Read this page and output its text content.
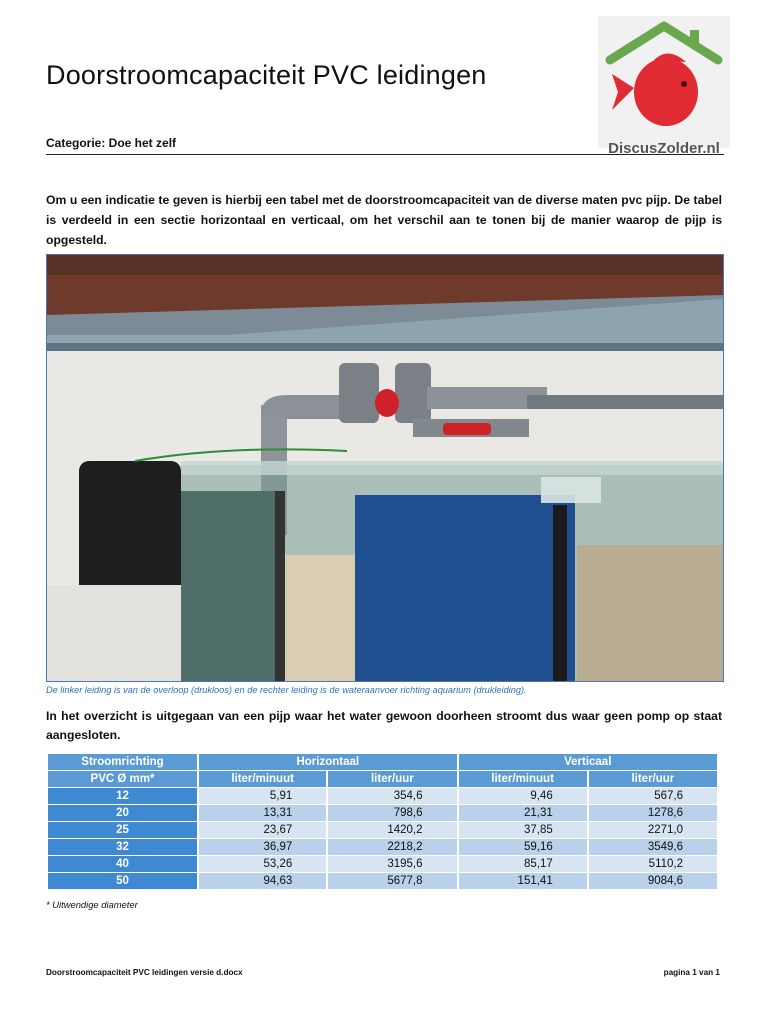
Doorstroomcapaciteit PVC leidingen
DiscusZolder.nl
Categorie: Doe het zelf
Om u een indicatie te geven is hierbij een tabel met de doorstroomcapaciteit van de diverse maten pvc pijp. De tabel is verdeeld in een sectie horizontaal en verticaal, om het verschil aan te tonen bij de manier waarop de pijp is opgesteld.
De linker leiding is van de overloop (drukloos) en de rechter leiding is de wateraanvoer richting aquarium (drukleiding).
In het overzicht is uitgegaan van een pijp waar het water gewoon doorheen stroomt dus waar geen pomp op staat aangesloten.
Stroomrichting	Horizontaal		Verticaal	
PVC Ø mm*	liter/minuut	liter/uur	liter/minuut	liter/uur
12	5,91	354,6	9,46	567,6
20	13,31	798,6	21,31	1278,6
25	23,67	1420,2	37,85	2271,0
32	36,97	2218,2	59,16	3549,6
40	53,26	3195,6	85,17	5110,2
50	94,63	5677,8	151,41	9084,6
* Uitwendige diameter
Doorstroomcapaciteit PVC leidingen versie d.docx	pagina 1 van 1
